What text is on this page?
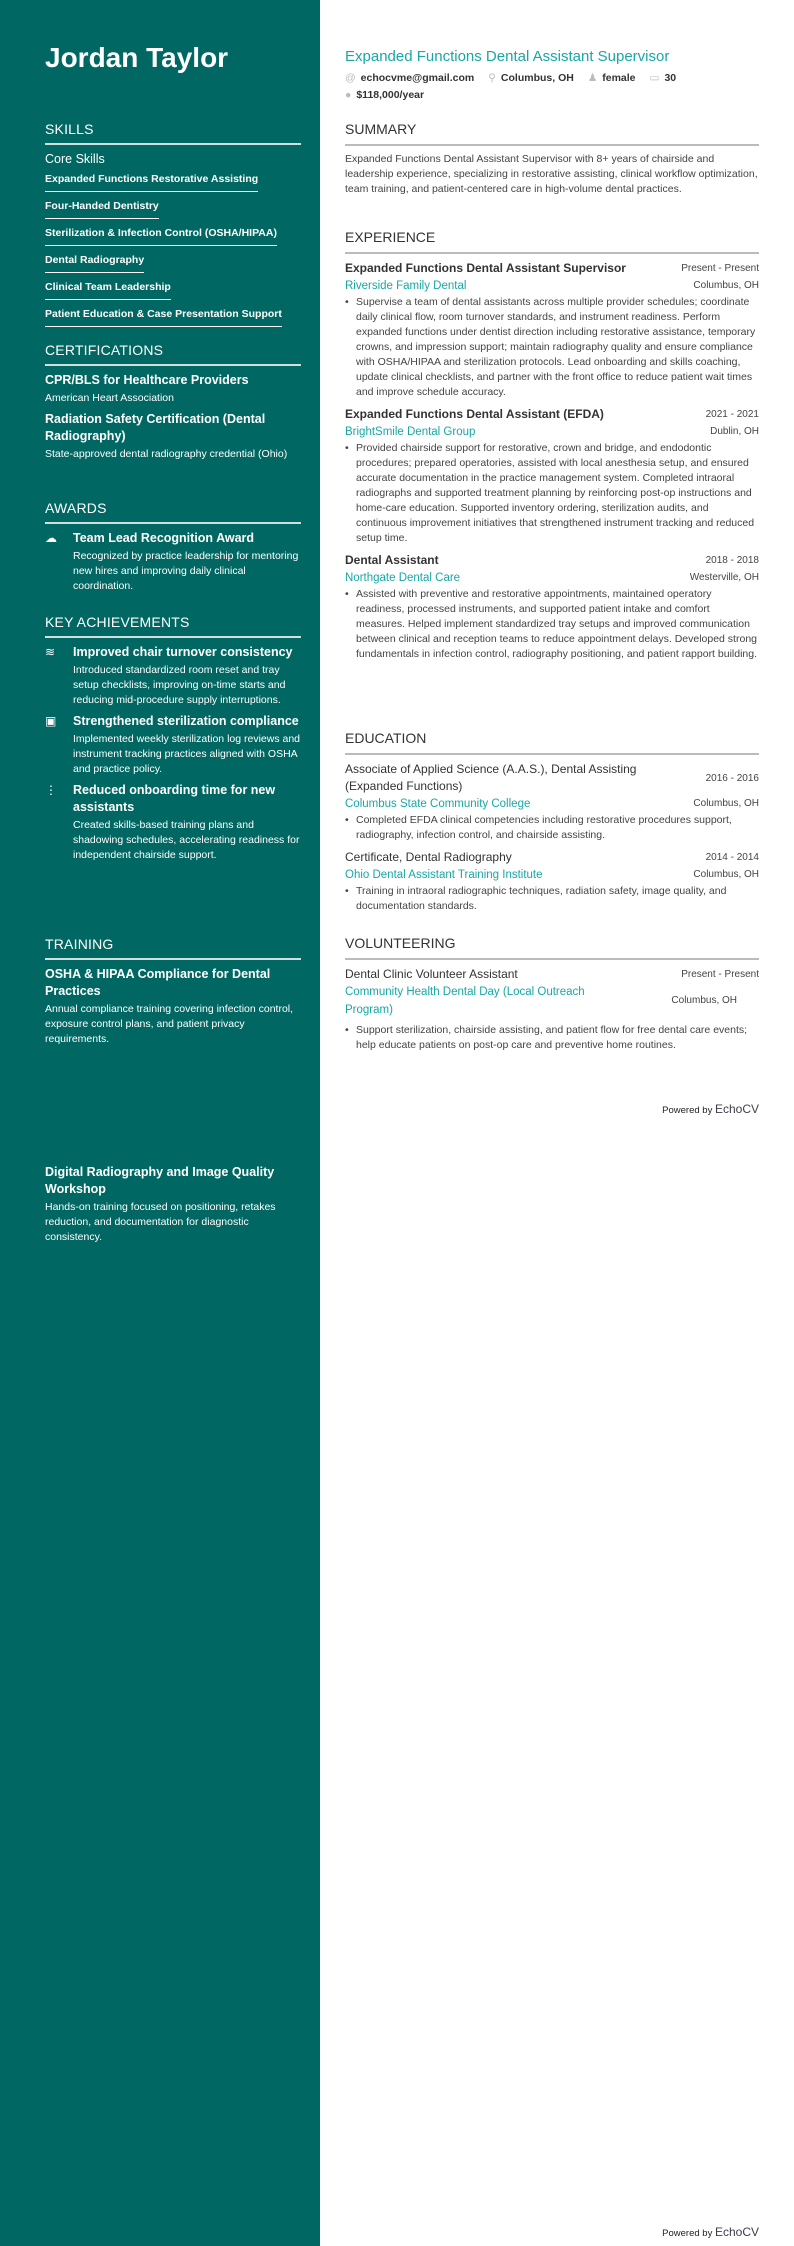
Jordan Taylor
SKILLS
Core Skills
Expanded Functions Restorative Assisting
Four-Handed Dentistry
Sterilization & Infection Control (OSHA/HIPAA)
Dental Radiography
Clinical Team Leadership
Patient Education & Case Presentation Support
CERTIFICATIONS
CPR/BLS for Healthcare Providers
American Heart Association
Radiation Safety Certification (Dental Radiography)
State-approved dental radiography credential (Ohio)
AWARDS
☁	Team Lead Recognition Award
Recognized by practice leadership for mentoring new hires and improving daily clinical coordination.
KEY ACHIEVEMENTS
≋	Improved chair turnover consistency
Introduced standardized room reset and tray setup checklists, improving on-time starts and reducing mid-procedure supply interruptions.
▣	Strengthened sterilization compliance
Implemented weekly sterilization log reviews and instrument tracking practices aligned with OSHA and practice policy.
⋮	Reduced onboarding time for new assistants
Created skills-based training plans and shadowing schedules, accelerating readiness for independent chairside support.
TRAINING
OSHA & HIPAA Compliance for Dental Practices
Annual compliance training covering infection control, exposure control plans, and patient privacy requirements.
Digital Radiography and Image Quality Workshop
Hands-on training focused on positioning, retakes reduction, and documentation for diagnostic consistency.
Expanded Functions Dental Assistant Supervisor
@ echocvme@gmail.com ⚲ Columbus, OH ♟ female ▭ 30
● $118,000/year
SUMMARY
Expanded Functions Dental Assistant Supervisor with 8+ years of chairside and leadership experience, specializing in restorative assisting, clinical workflow optimization, team training, and patient-centered care in high-volume dental practices.
EXPERIENCE
Expanded Functions Dental Assistant Supervisor	Present - Present
Riverside Family Dental	Columbus, OH
• Supervise a team of dental assistants across multiple provider schedules; coordinate daily clinical flow, room turnover standards, and instrument readiness. Perform expanded functions under dentist direction including restorative assistance, temporary crowns, and impression support; maintain radiography quality and ensure compliance with OSHA/HIPAA and sterilization protocols. Lead onboarding and skills coaching, update clinical checklists, and partner with the front office to reduce patient wait times and improve schedule accuracy.
Expanded Functions Dental Assistant (EFDA)	2021 - 2021
BrightSmile Dental Group	Dublin, OH
• Provided chairside support for restorative, crown and bridge, and endodontic procedures; prepared operatories, assisted with local anesthesia setup, and ensured accurate documentation in the practice management system. Completed intraoral radiographs and supported treatment planning by reinforcing post-op instructions and home-care education. Supported inventory ordering, sterilization audits, and continuous improvement initiatives that strengthened instrument tracking and reduced setup time.
Dental Assistant	2018 - 2018
Northgate Dental Care	Westerville, OH
• Assisted with preventive and restorative appointments, maintained operatory readiness, processed instruments, and supported patient intake and comfort measures. Helped implement standardized tray setups and improved communication between clinical and reception teams to reduce appointment delays. Developed strong fundamentals in infection control, radiography positioning, and patient rapport building.
EDUCATION
Associate of Applied Science (A.A.S.), Dental Assisting (Expanded Functions)
2016 - 2016
Columbus State Community College	Columbus, OH
• Completed EFDA clinical competencies including restorative procedures support, radiography, infection control, and chairside assisting.
Certificate, Dental Radiography	2014 - 2014
Ohio Dental Assistant Training Institute	Columbus, OH
• Training in intraoral radiographic techniques, radiation safety, image quality, and documentation standards.
VOLUNTEERING
Dental Clinic Volunteer Assistant	Present - Present
Community Health Dental Day (Local Outreach Program)
Columbus, OH
• Support sterilization, chairside assisting, and patient flow for free dental care events; help educate patients on post-op care and preventive home routines.
Powered by EchoCV
Powered by EchoCV
